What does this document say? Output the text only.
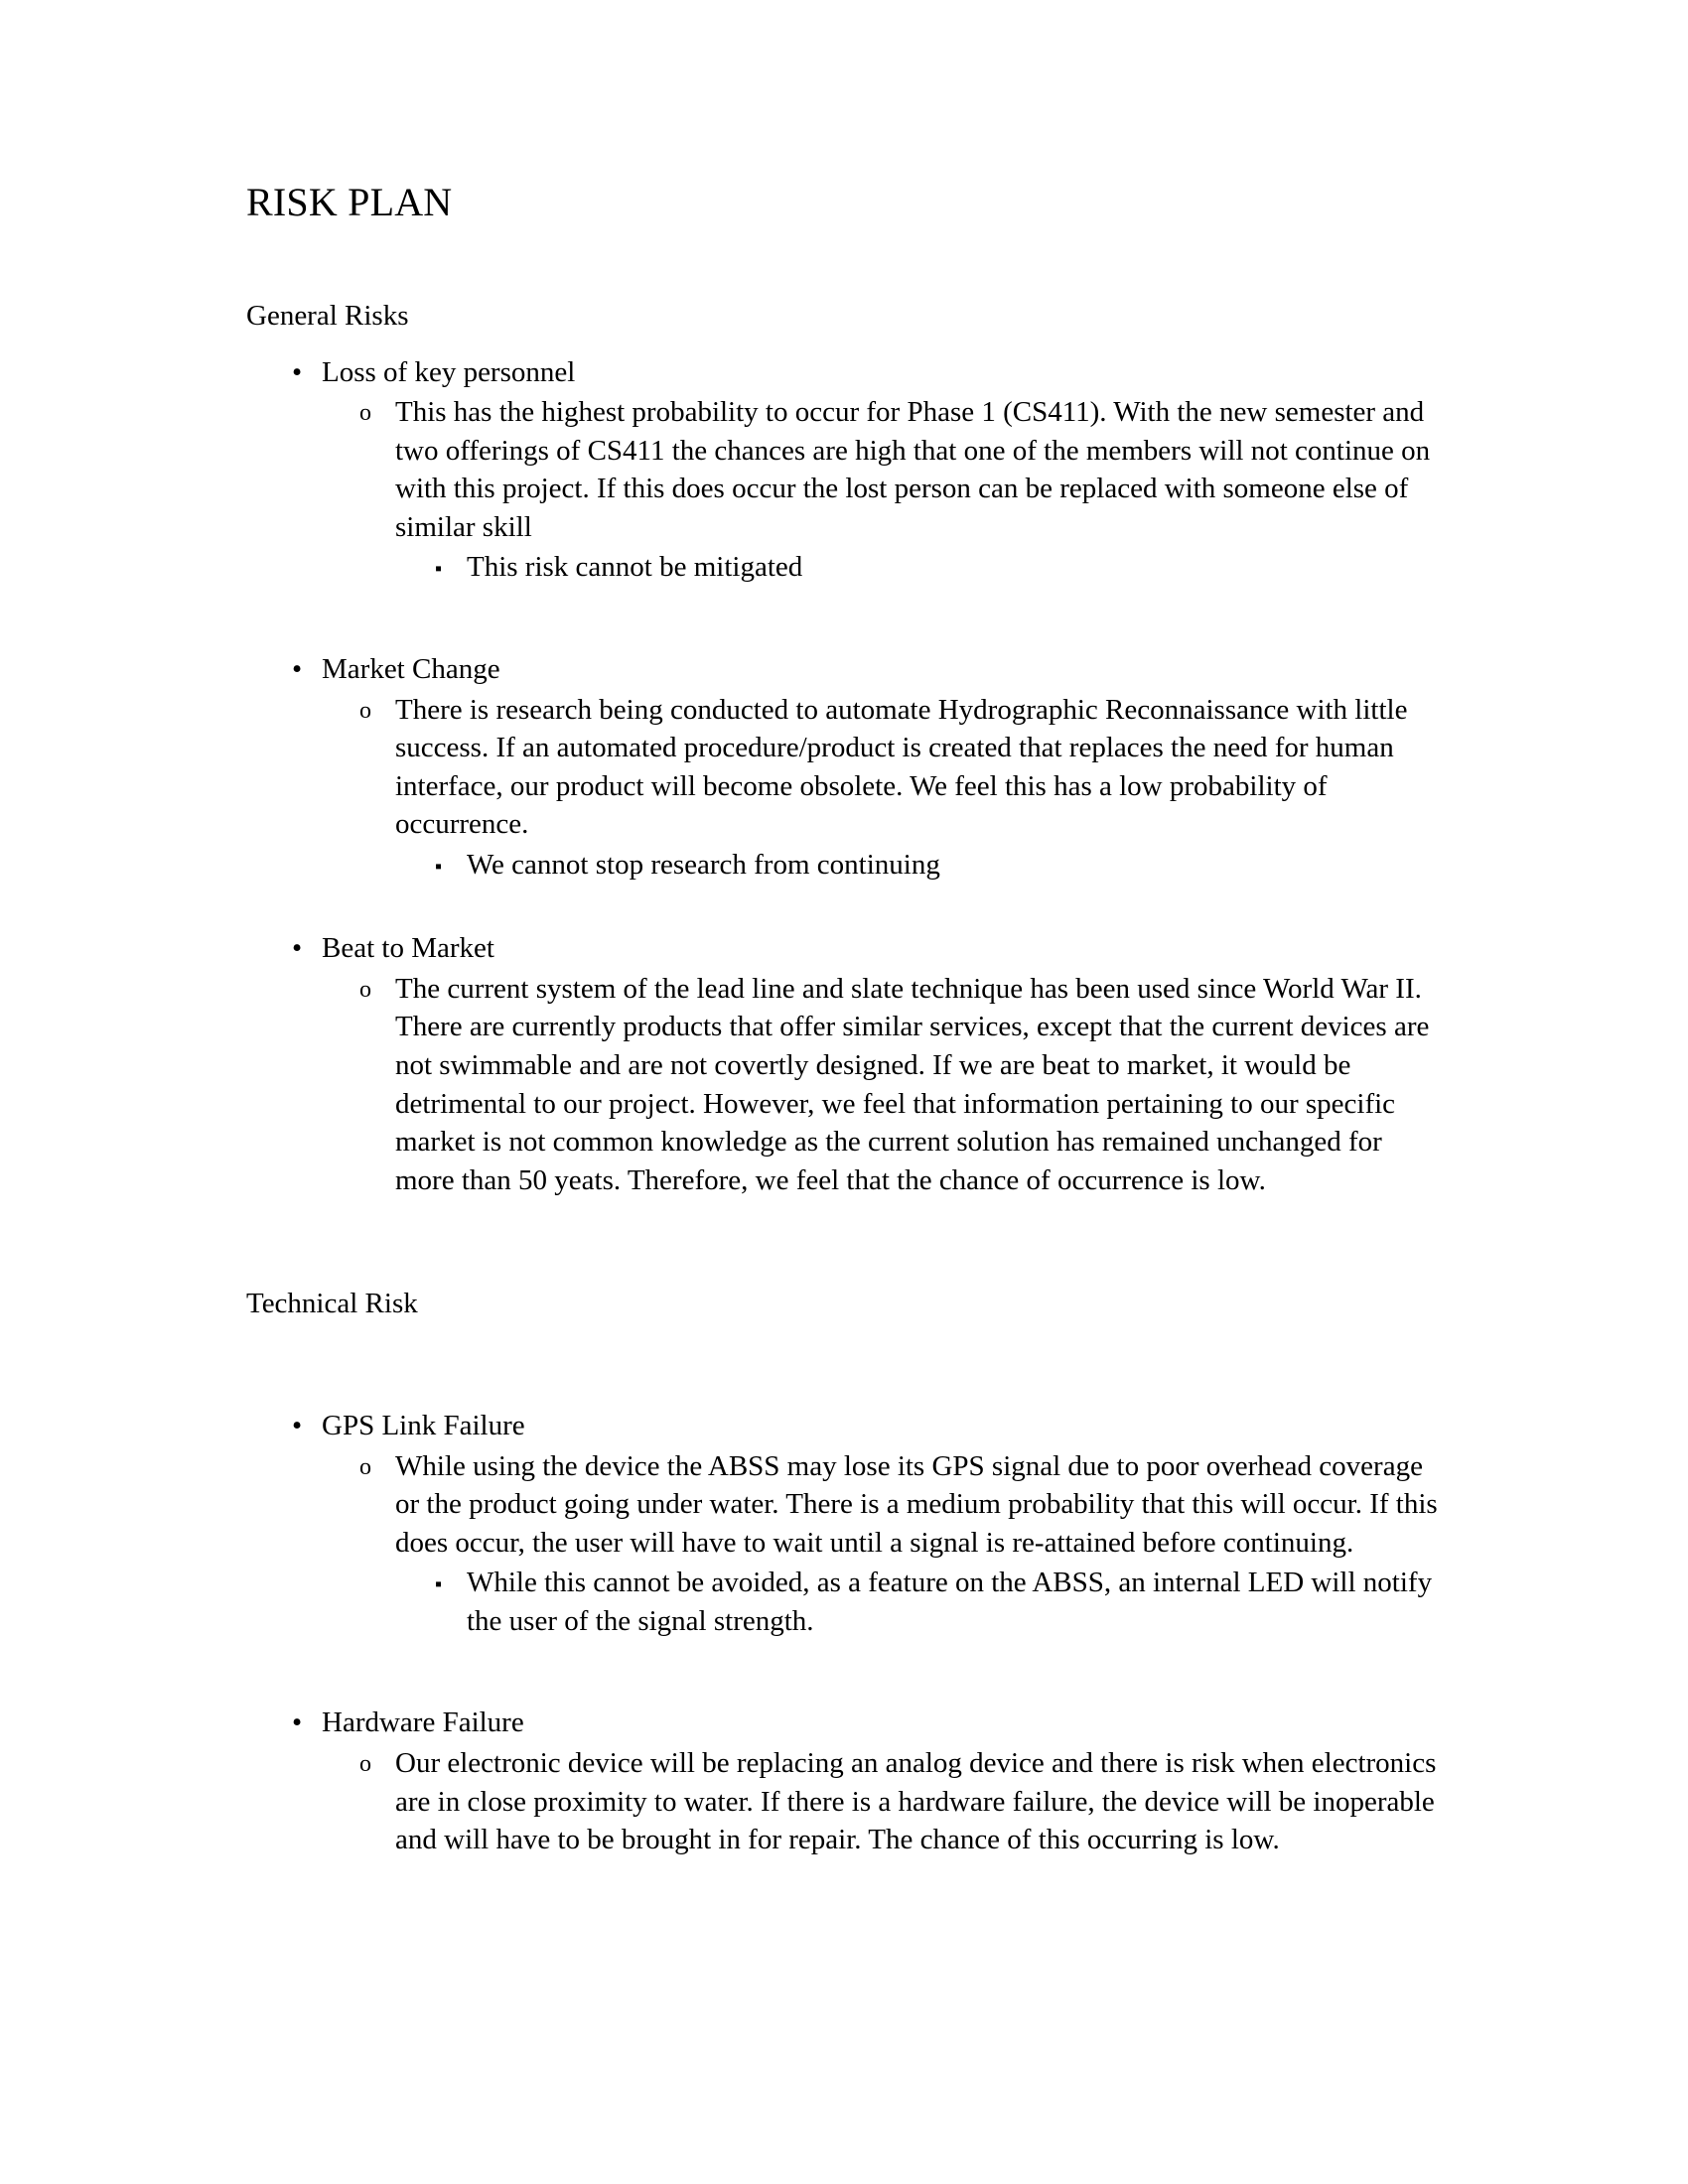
RISK PLAN
General Risks
• Loss of key personnel
o This has the highest probability to occur for Phase 1 (CS411). With the new semester and two offerings of CS411 the chances are high that one of the members will not continue on with this project. If this does occur the lost person can be replaced with someone else of similar skill
▪ This risk cannot be mitigated
• Market Change
o There is research being conducted to automate Hydrographic Reconnaissance with little success. If an automated procedure/product is created that replaces the need for human interface, our product will become obsolete. We feel this has a low probability of occurrence.
▪ We cannot stop research from continuing
• Beat to Market
o The current system of the lead line and slate technique has been used since World War II. There are currently products that offer similar services, except that the current devices are not swimmable and are not covertly designed. If we are beat to market, it would be detrimental to our project. However, we feel that information pertaining to our specific market is not common knowledge as the current solution has remained unchanged for more than 50 yeats. Therefore, we feel that the chance of occurrence is low.
Technical Risk
• GPS Link Failure
o While using the device the ABSS may lose its GPS signal due to poor overhead coverage or the product going under water. There is a medium probability that this will occur. If this does occur, the user will have to wait until a signal is re-attained before continuing.
▪ While this cannot be avoided, as a feature on the ABSS, an internal LED will notify the user of the signal strength.
• Hardware Failure
o Our electronic device will be replacing an analog device and there is risk when electronics are in close proximity to water. If there is a hardware failure, the device will be inoperable and will have to be brought in for repair. The chance of this occurring is low.
